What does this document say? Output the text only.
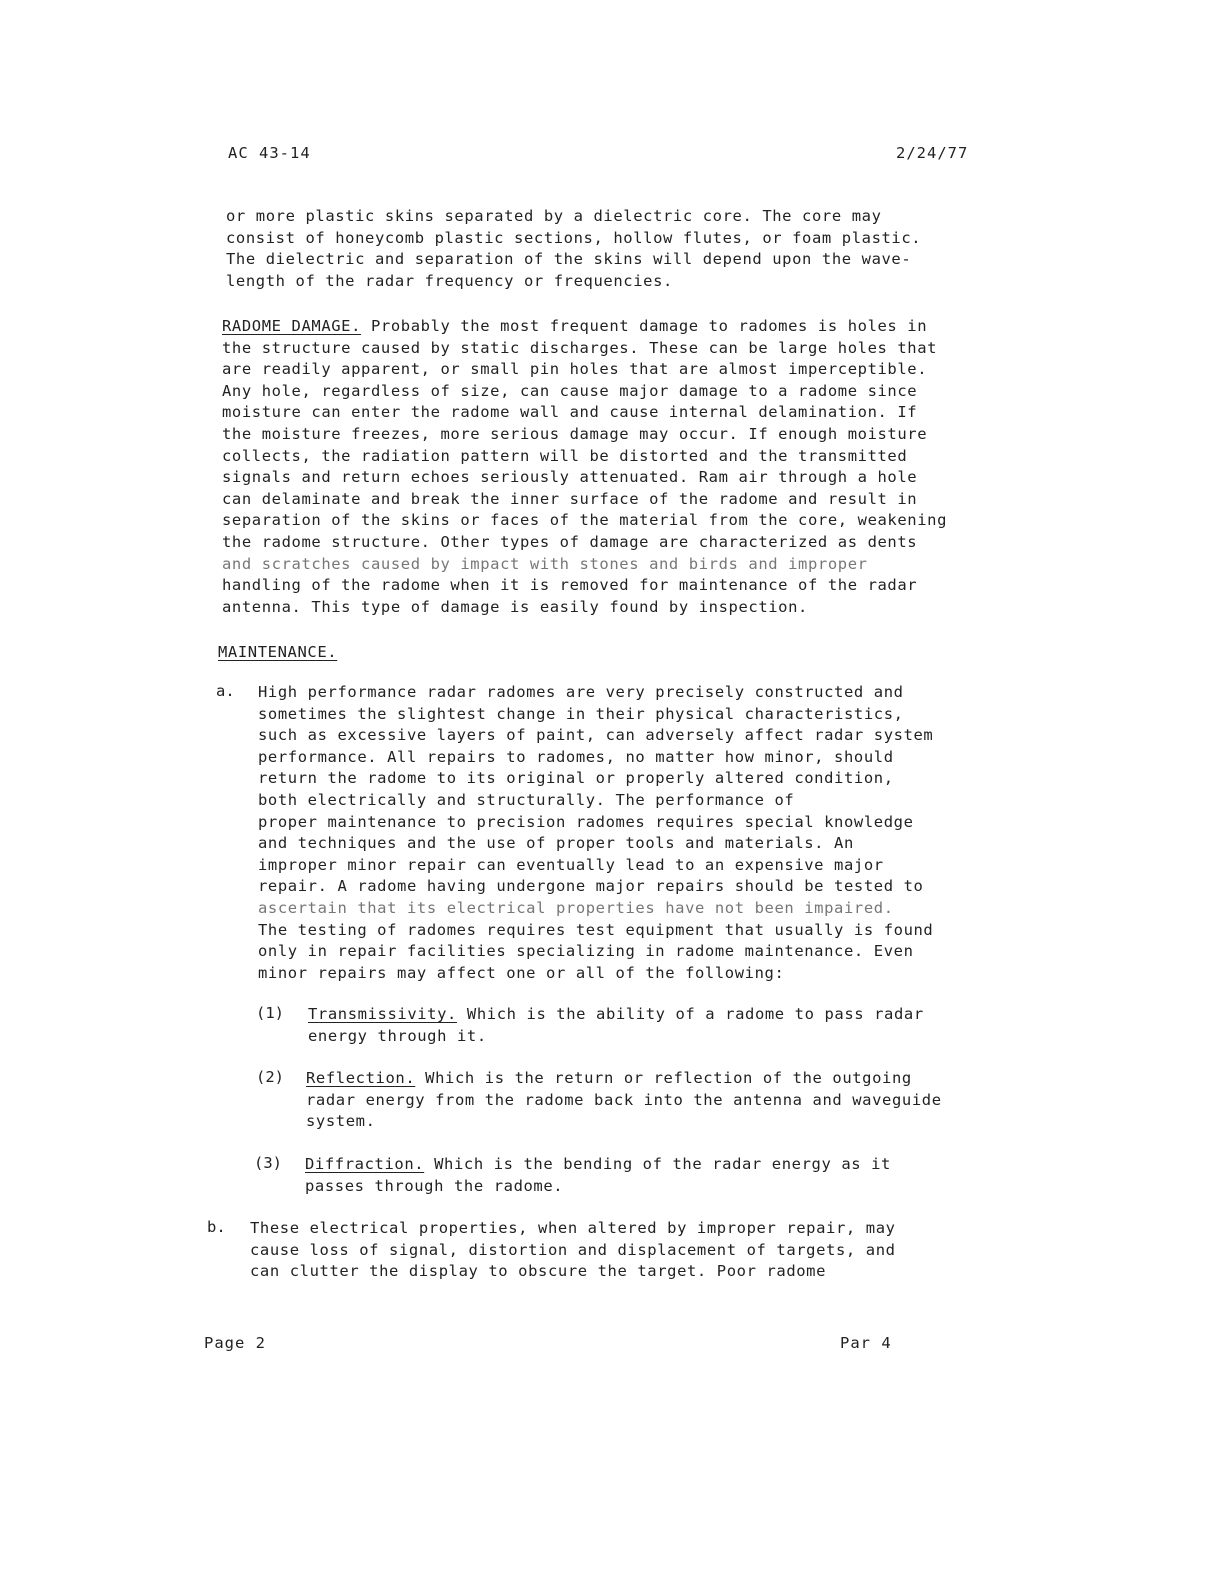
AC 43-14	2/24/77
or more plastic skins separated by a dielectric core. The core may
consist of honeycomb plastic sections, hollow flutes, or foam plastic.
The dielectric and separation of the skins will depend upon the wave-
length of the radar frequency or frequencies.
RADOME DAMAGE. Probably the most frequent damage to radomes is holes in
the structure caused by static discharges. These can be large holes that
are readily apparent, or small pin holes that are almost imperceptible.
Any hole, regardless of size, can cause major damage to a radome since
moisture can enter the radome wall and cause internal delamination. If
the moisture freezes, more serious damage may occur. If enough moisture
collects, the radiation pattern will be distorted and the transmitted
signals and return echoes seriously attenuated. Ram air through a hole
can delaminate and break the inner surface of the radome and result in
separation of the skins or faces of the material from the core, weakening
the radome structure. Other types of damage are characterized as dents
and scratches caused by impact with stones and birds and improper
handling of the radome when it is removed for maintenance of the radar
antenna. This type of damage is easily found by inspection.
MAINTENANCE.
a. High performance radar radomes are very precisely constructed and
sometimes the slightest change in their physical characteristics,
such as excessive layers of paint, can adversely affect radar system
performance. All repairs to radomes, no matter how minor, should
return the radome to its original or properly altered condition,
both electrically and structurally. The performance of
proper maintenance to precision radomes requires special knowledge
and techniques and the use of proper tools and materials. An
improper minor repair can eventually lead to an expensive major
repair. A radome having undergone major repairs should be tested to
ascertain that its electrical properties have not been impaired.
The testing of radomes requires test equipment that usually is found
only in repair facilities specializing in radome maintenance. Even
minor repairs may affect one or all of the following:
(1) Transmissivity. Which is the ability of a radome to pass radar
energy through it.
(2) Reflection. Which is the return or reflection of the outgoing
radar energy from the radome back into the antenna and waveguide
system.
(3) Diffraction. Which is the bending of the radar energy as it
passes through the radome.
b. These electrical properties, when altered by improper repair, may
cause loss of signal, distortion and displacement of targets, and
can clutter the display to obscure the target. Poor radome
Page 2	Par 4
